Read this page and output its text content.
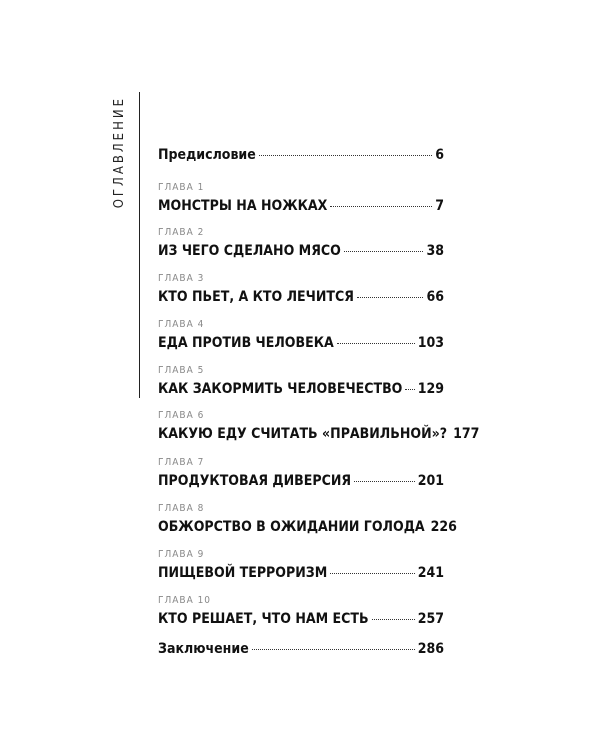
ОГЛАВЛЕНИЕ Предисловие	6
ГЛАВА 1
МОНСТРЫ НА НОЖКАХ	7
ГЛАВА 2
ИЗ ЧЕГО СДЕЛАНО МЯСО	38
ГЛАВА 3
КТО ПЬЕТ, А КТО ЛЕЧИТСЯ	66
ГЛАВА 4
ЕДА ПРОТИВ ЧЕЛОВЕКА	103
ГЛАВА 5
КАК ЗАКОРМИТЬ ЧЕЛОВЕЧЕСТВО 129
ГЛАВА 6
КАКУЮ ЕДУ СЧИТАТЬ «ПРАВИЛЬНОЙ»? 177
ГЛАВА 7
ПРОДУКТОВАЯ ДИВЕРСИЯ	201
ГЛАВА 8
ОБЖОРСТВО В ОЖИДАНИИ ГОЛОДА 226
ГЛАВА 9
ПИЩЕВОЙ ТЕРРОРИЗМ	241
ГЛАВА 10
КТО РЕШАЕТ, ЧТО НАМ ЕСТЬ	257
Заключение	286
